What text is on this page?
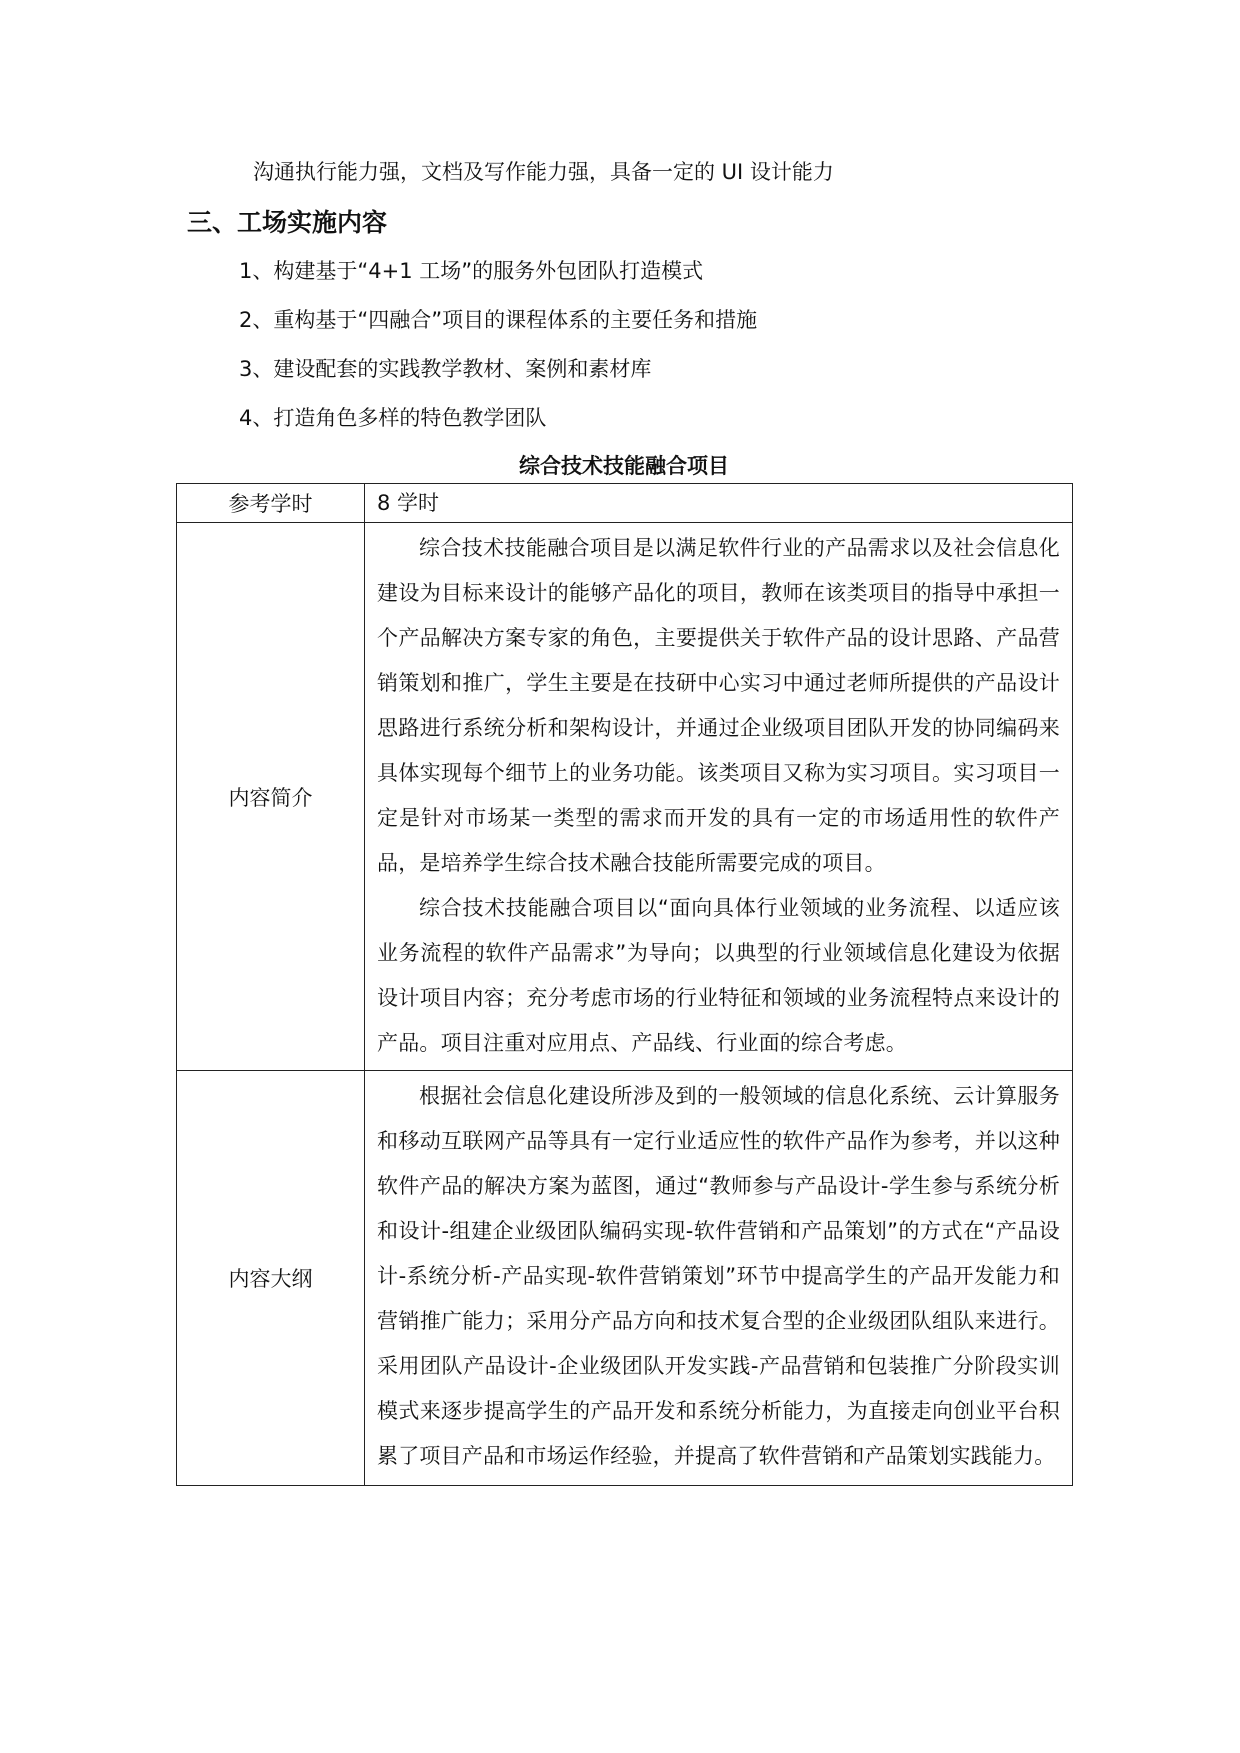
沟通执行能力强，文档及写作能力强，具备一定的 UI 设计能力
三、工场实施内容
1、构建基于“4+1 工场”的服务外包团队打造模式
2、重构基于“四融合”项目的课程体系的主要任务和措施
3、建设配套的实践教学教材、案例和素材库
4、打造角色多样的特色教学团队
综合技术技能融合项目
参考学时	8 学时
内容简介	综合技术技能融合项目是以满足软件行业的产品需求以及社会信息化建设为目标来设计的能够产品化的项目，教师在该类项目的指导中承担一个产品解决方案专家的角色，主要提供关于软件产品的设计思路、产品营销策划和推广，学生主要是在技研中心实习中通过老师所提供的产品设计思路进行系统分析和架构设计，并通过企业级项目团队开发的协同编码来具体实现每个细节上的业务功能。该类项目又称为实习项目。实习项目一定是针对市场某一类型的需求而开发的具有一定的市场适用性的软件产品，是培养学生综合技术融合技能所需要完成的项目。

综合技术技能融合项目以“面向具体行业领域的业务流程、以适应该业务流程的软件产品需求”为导向；以典型的行业领域信息化建设为依据设计项目内容；充分考虑市场的行业特征和领域的业务流程特点来设计的产品。项目注重对应用点、产品线、行业面的综合考虑。

内容大纲	根据社会信息化建设所涉及到的一般领域的信息化系统、云计算服务和移动互联网产品等具有一定行业适应性的软件产品作为参考，并以这种软件产品的解决方案为蓝图，通过“教师参与产品设计-学生参与系统分析和设计-组建企业级团队编码实现-软件营销和产品策划”的方式在“产品设计-系统分析-产品实现-软件营销策划”环节中提高学生的产品开发能力和营销推广能力；采用分产品方向和技术复合型的企业级团队组队来进行。采用团队产品设计-企业级团队开发实践-产品营销和包装推广分阶段实训模式来逐步提高学生的产品开发和系统分析能力，为直接走向创业平台积累了项目产品和市场运作经验，并提高了软件营销和产品策划实践能力。
